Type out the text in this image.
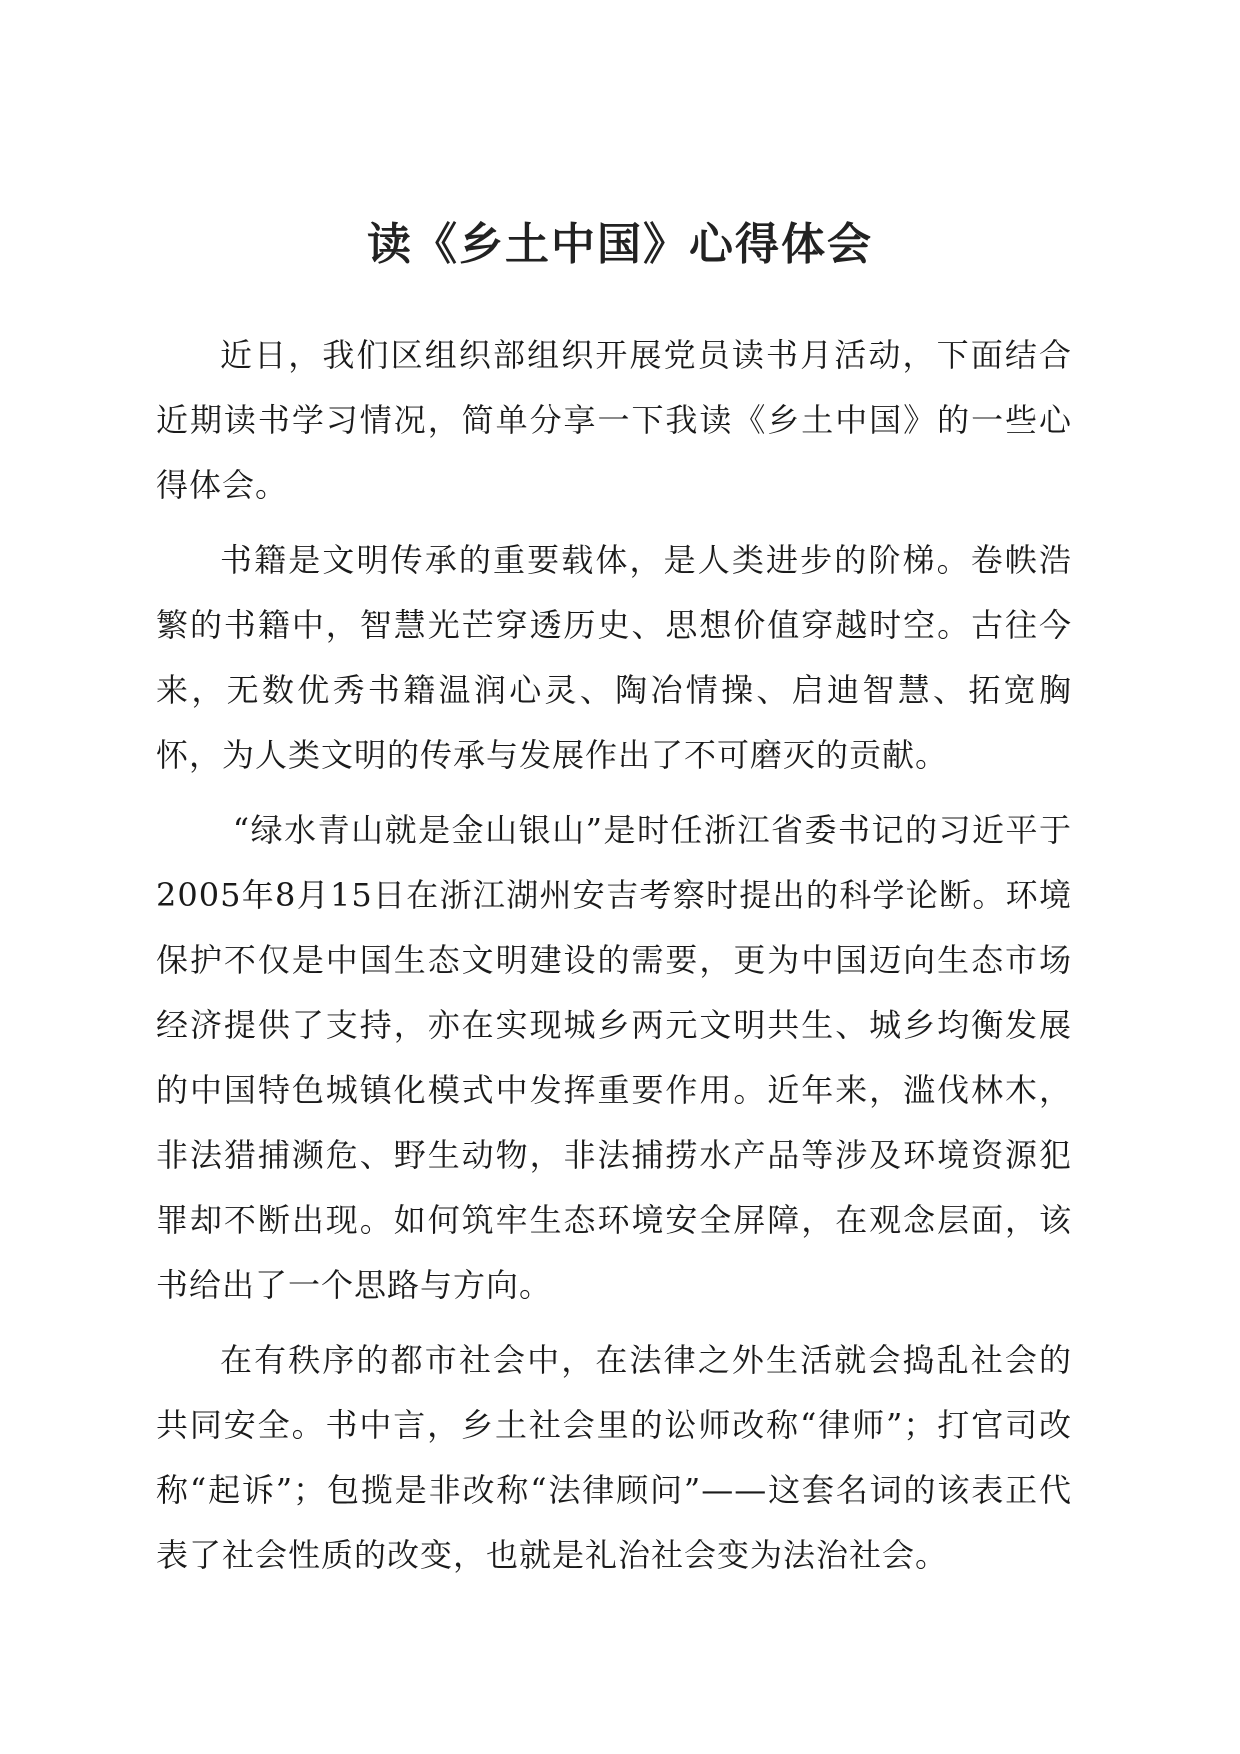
读《乡土中国》心得体会

近日，我们区组织部组织开展党员读书月活动，下面结合近期读书学习情况，简单分享一下我读《乡土中国》的一些心得体会。

书籍是文明传承的重要载体，是人类进步的阶梯。卷帙浩繁的书籍中，智慧光芒穿透历史、思想价值穿越时空。古往今来，无数优秀书籍温润心灵、陶冶情操、启迪智慧、拓宽胸怀，为人类文明的传承与发展作出了不可磨灭的贡献。

“绿水青山就是金山银山”是时任浙江省委书记的习近平于2005年8月15日在浙江湖州安吉考察时提出的科学论断。环境保护不仅是中国生态文明建设的需要，更为中国迈向生态市场经济提供了支持，亦在实现城乡两元文明共生、城乡均衡发展的中国特色城镇化模式中发挥重要作用。近年来，滥伐林木，非法猎捕濒危、野生动物，非法捕捞水产品等涉及环境资源犯罪却不断出现。如何筑牢生态环境安全屏障，在观念层面，该书给出了一个思路与方向。

在有秩序的都市社会中，在法律之外生活就会捣乱社会的共同安全。书中言，乡土社会里的讼师改称“律师”；打官司改称“起诉”；包揽是非改称“法律顾问”——这套名词的该表正代表了社会性质的改变，也就是礼治社会变为法治社会。
